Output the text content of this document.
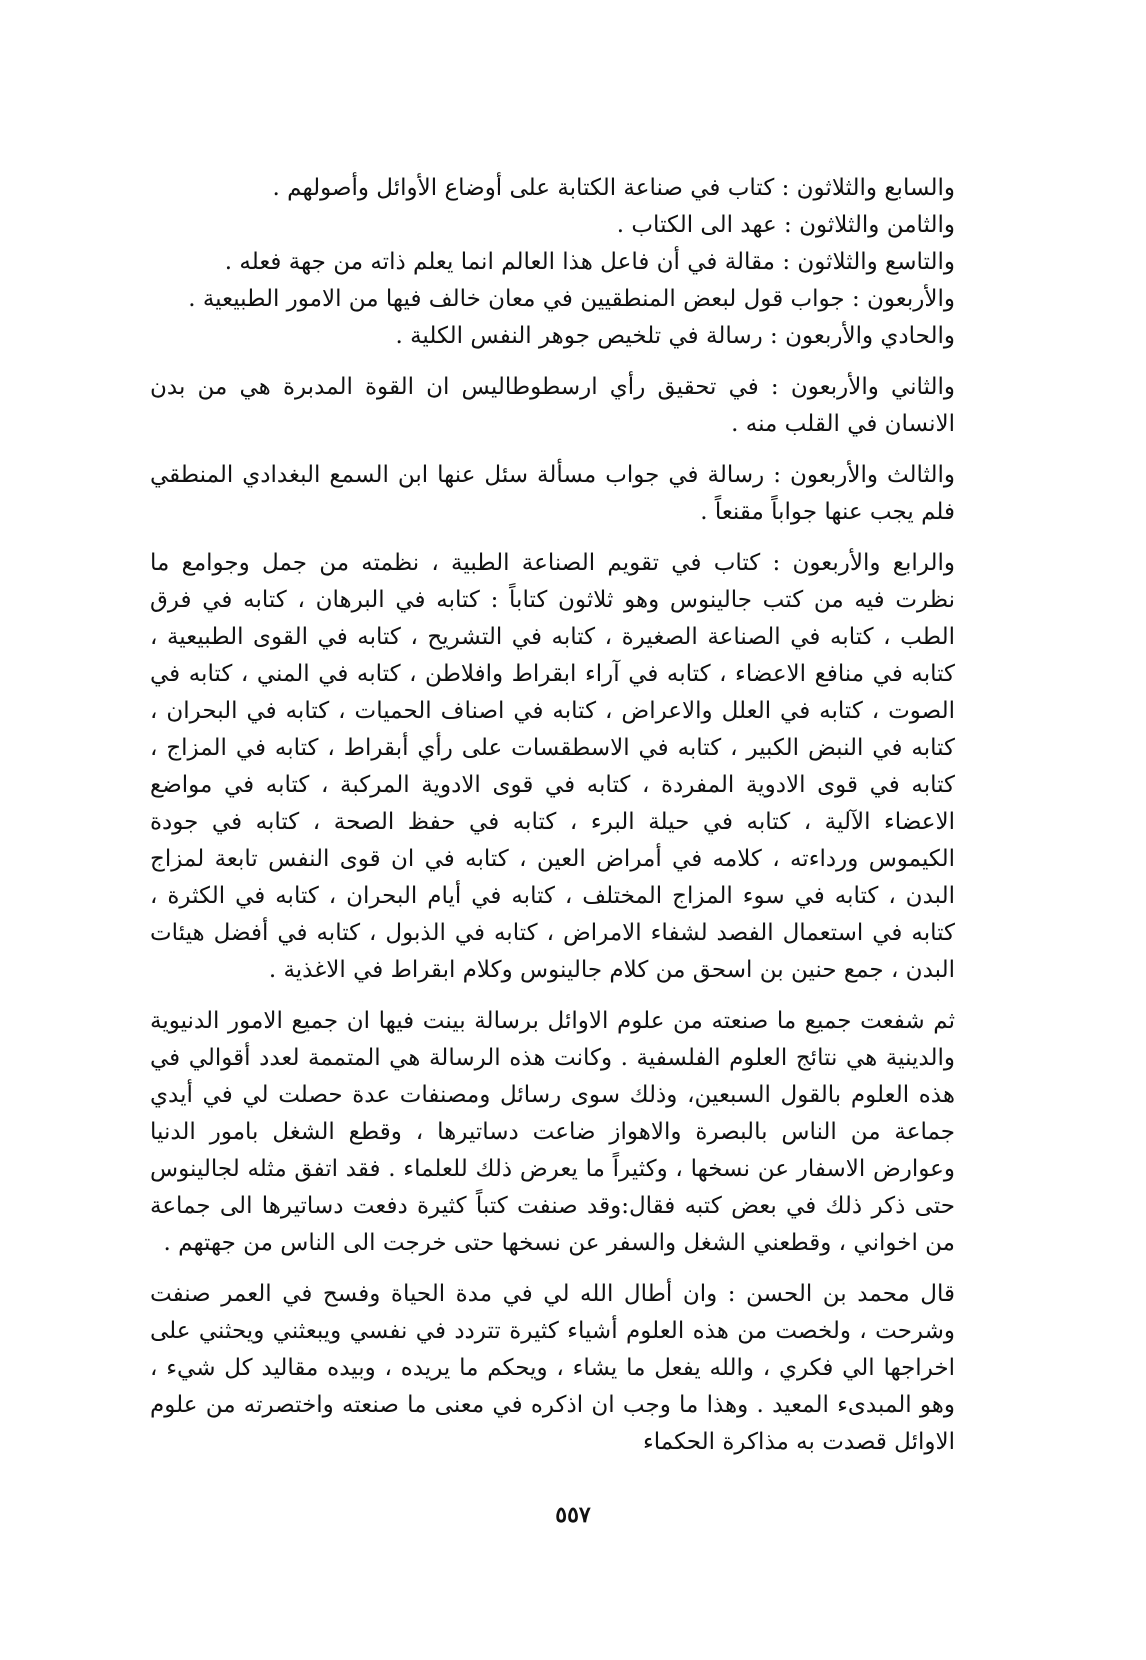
والسابع والثلاثون : كتاب في صناعة الكتابة على أوضاع الأوائل وأصولهم .

والثامن والثلاثون : عهد الى الكتاب .

والتاسع والثلاثون : مقالة في أن فاعل هذا العالم انما يعلم ذاته من جهة فعله .

والأربعون : جواب قول لبعض المنطقيين في معان خالف فيها من الامور الطبيعية .

والحادي والأربعون : رسالة في تلخيص جوهر النفس الكلية .

والثاني والأربعون : في تحقيق رأي ارسطوطاليس ان القوة المدبرة هي من بدن الانسان في القلب منه .

والثالث والأربعون : رسالة في جواب مسألة سئل عنها ابن السمع البغدادي المنطقي فلم يجب عنها جواباً مقنعاً .

والرابع والأربعون : كتاب في تقويم الصناعة الطبية ، نظمته من جمل وجوامع ما نظرت فيه من كتب جالينوس وهو ثلاثون كتاباً : كتابه في البرهان ، كتابه في فرق الطب ، كتابه في الصناعة الصغيرة ، كتابه في التشريح ، كتابه في القوى الطبيعية ، كتابه في منافع الاعضاء ، كتابه في آراء ابقراط وافلاطن ، كتابه في المني ، كتابه في الصوت ، كتابه في العلل والاعراض ، كتابه في اصناف الحميات ، كتابه في البحران ، كتابه في النبض الكبير ، كتابه في الاسطقسات على رأي أبقراط ، كتابه في المزاج ، كتابه في قوى الادوية المفردة ، كتابه في قوى الادوية المركبة ، كتابه في مواضع الاعضاء الآلية ، كتابه في حيلة البرء ، كتابه في حفظ الصحة ، كتابه في جودة الكيموس ورداءته ، كلامه في أمراض العين ، كتابه في ان قوى النفس تابعة لمزاج البدن ، كتابه في سوء المزاج المختلف ، كتابه في أيام البحران ، كتابه في الكثرة ، كتابه في استعمال الفصد لشفاء الامراض ، كتابه في الذبول ، كتابه في أفضل هيئات البدن ، جمع حنين بن اسحق من كلام جالينوس وكلام ابقراط في الاغذية .

ثم شفعت جميع ما صنعته من علوم الاوائل برسالة بينت فيها ان جميع الامور الدنيوية والدينية هي نتائج العلوم الفلسفية . وكانت هذه الرسالة هي المتممة لعدد أقوالي في هذه العلوم بالقول السبعين، وذلك سوى رسائل ومصنفات عدة حصلت لي في أيدي جماعة من الناس بالبصرة والاهواز ضاعت دساتيرها ، وقطع الشغل بامور الدنيا وعوارض الاسفار عن نسخها ، وكثيراً ما يعرض ذلك للعلماء . فقد اتفق مثله لجالينوس حتى ذكر ذلك في بعض كتبه فقال:وقد صنفت كتباً كثيرة دفعت دساتيرها الى جماعة من اخواني ، وقطعني الشغل والسفر عن نسخها حتى خرجت الى الناس من جهتهم .

قال محمد بن الحسن : وان أطال الله لي في مدة الحياة وفسح في العمر صنفت وشرحت ، ولخصت من هذه العلوم أشياء كثيرة تتردد في نفسي ويبعثني ويحثني على اخراجها الي فكري ، والله يفعل ما يشاء ، ويحكم ما يريده ، وبيده مقاليد كل شيء ، وهو المبدىء المعيد . وهذا ما وجب ان اذكره في معنى ما صنعته واختصرته من علوم الاوائل قصدت به مذاكرة الحكماء

٥٥٧
